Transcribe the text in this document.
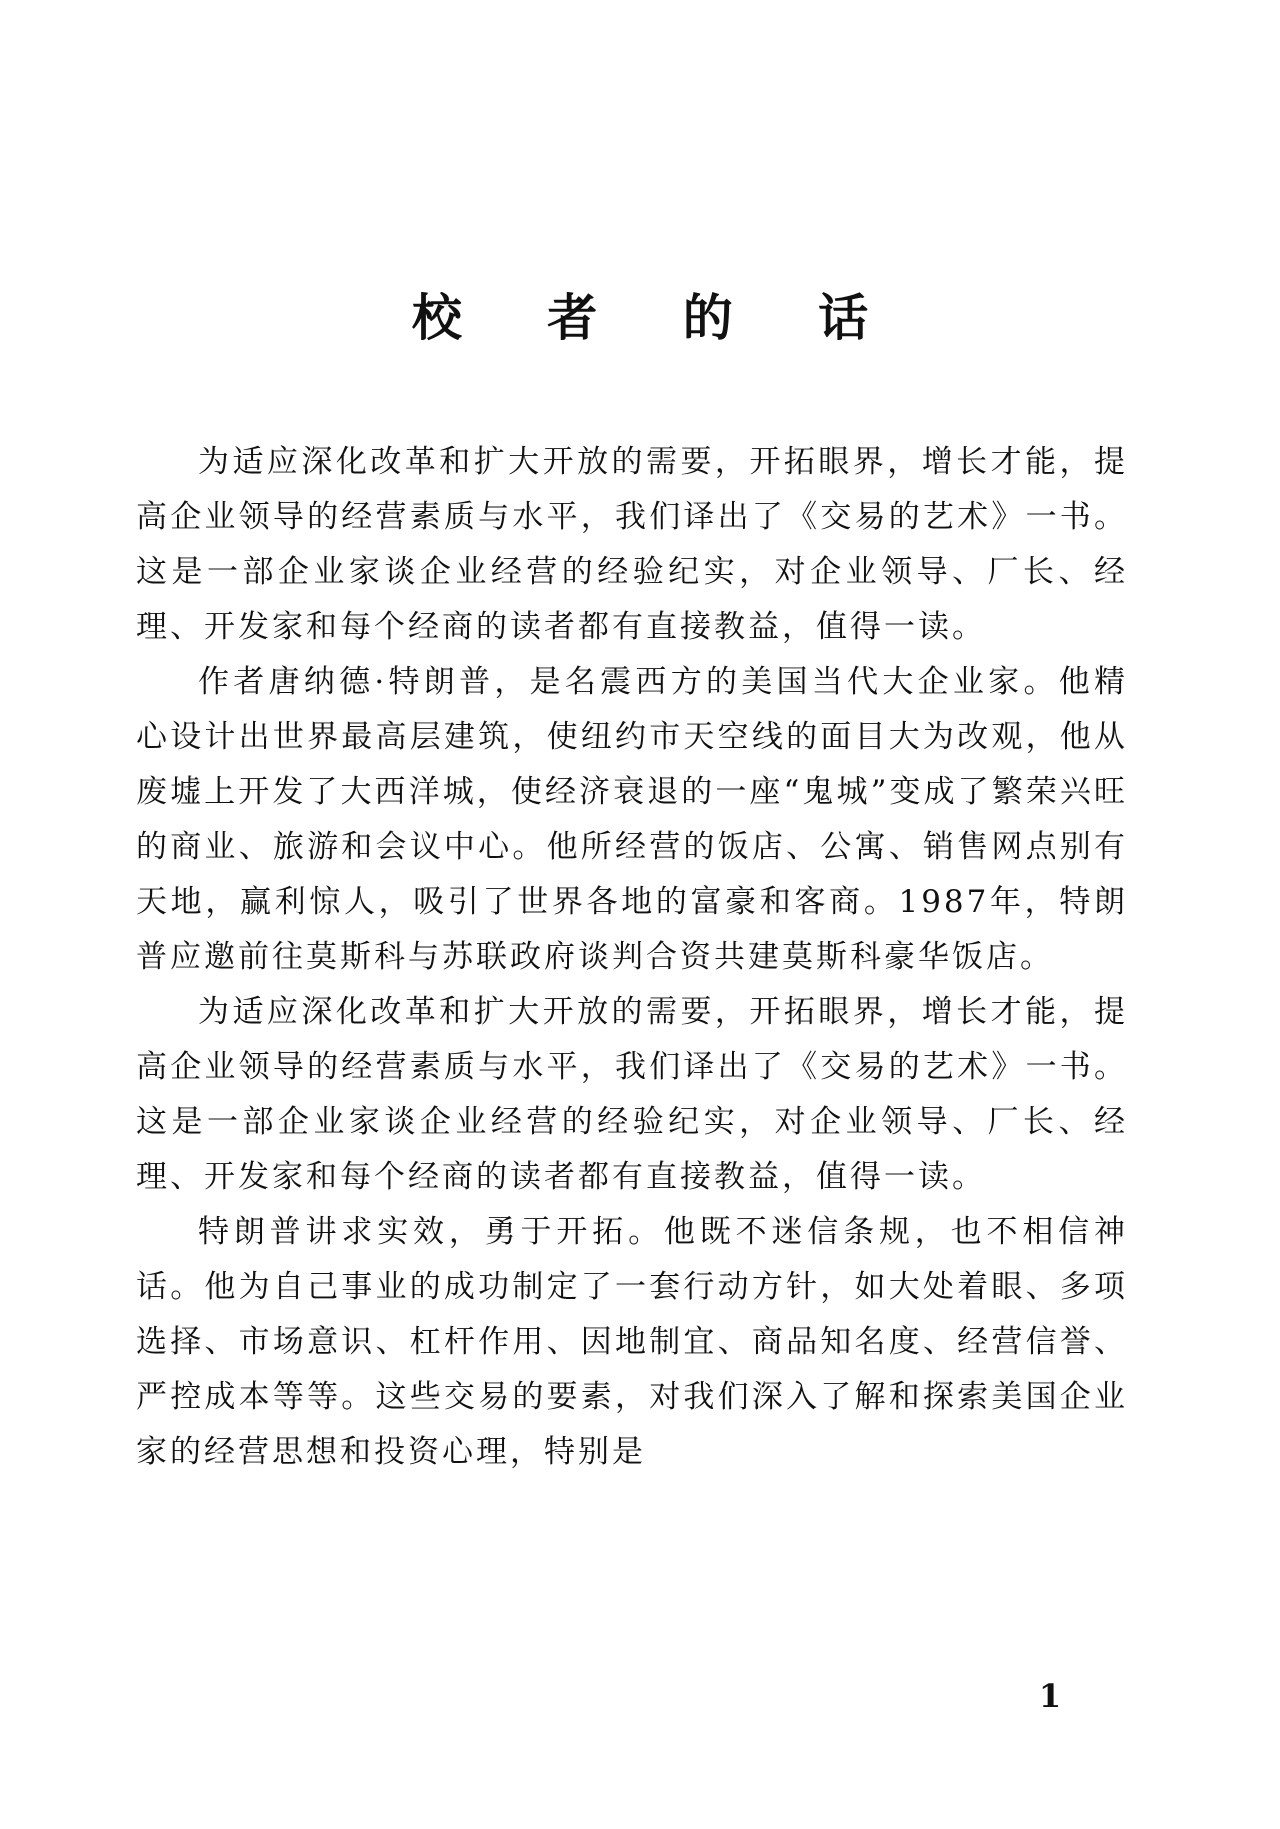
校 者 的 话

为适应深化改革和扩大开放的需要，开拓眼界，增长才能，提高企业领导的经营素质与水平，我们译出了《交易的艺术》一书。这是一部企业家谈企业经营的经验纪实，对企业领导、厂长、经理、开发家和每个经商的读者都有直接教益，值得一读。

作者唐纳德·特朗普，是名震西方的美国当代大企业家。他精心设计出世界最高层建筑，使纽约市天空线的面目大为改观，他从废墟上开发了大西洋城，使经济衰退的一座“鬼城”变成了繁荣兴旺的商业、旅游和会议中心。他所经营的饭店、公寓、销售网点别有天地，赢利惊人，吸引了世界各地的富豪和客商。1987年，特朗普应邀前往莫斯科与苏联政府谈判合资共建莫斯科豪华饭店。

为适应深化改革和扩大开放的需要，开拓眼界，增长才能，提高企业领导的经营素质与水平，我们译出了《交易的艺术》一书。这是一部企业家谈企业经营的经验纪实，对企业领导、厂长、经理、开发家和每个经商的读者都有直接教益，值得一读。

特朗普讲求实效，勇于开拓。他既不迷信条规，也不相信神话。他为自己事业的成功制定了一套行动方针，如大处着眼、多项选择、市场意识、杠杆作用、因地制宜、商品知名度、经营信誉、严控成本等等。这些交易的要素，对我们深入了解和探索美国企业家的经营思想和投资心理，特别是

1
